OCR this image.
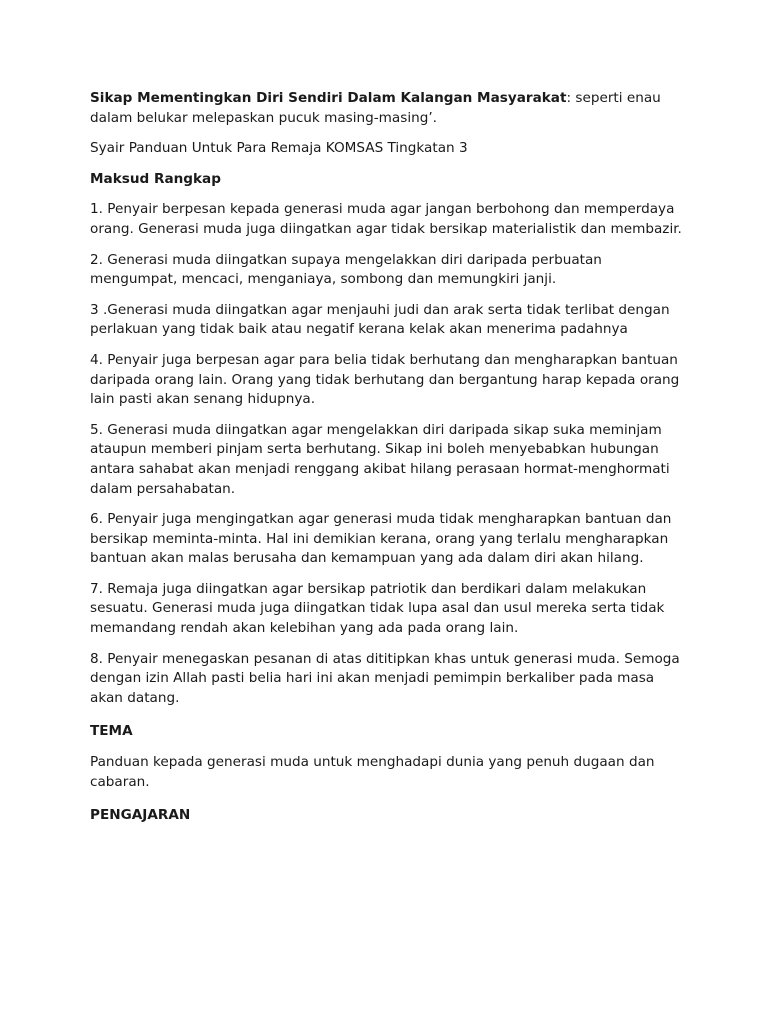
Sikap Mementingkan Diri Sendiri Dalam Kalangan Masyarakat: seperti enau dalam belukar melepaskan pucuk masing-masing’.

Syair Panduan Untuk Para Remaja KOMSAS Tingkatan 3

Maksud Rangkap

1. Penyair berpesan kepada generasi muda agar jangan berbohong dan memperdaya orang. Generasi muda juga diingatkan agar tidak bersikap materialistik dan membazir.

2. Generasi muda diingatkan supaya mengelakkan diri daripada perbuatan mengumpat, mencaci, menganiaya, sombong dan memungkiri janji.

3 .Generasi muda diingatkan agar menjauhi judi dan arak serta tidak terlibat dengan perlakuan yang tidak baik atau negatif kerana kelak akan menerima padahnya

4. Penyair juga berpesan agar para belia tidak berhutang dan mengharapkan bantuan daripada orang lain. Orang yang tidak berhutang dan bergantung harap kepada orang lain pasti akan senang hidupnya.

5. Generasi muda diingatkan agar mengelakkan diri daripada sikap suka meminjam ataupun memberi pinjam serta berhutang. Sikap ini boleh menyebabkan hubungan antara sahabat akan menjadi renggang akibat hilang perasaan hormat-menghormati dalam persahabatan.

6. Penyair juga mengingatkan agar generasi muda tidak mengharapkan bantuan dan bersikap meminta-minta. Hal ini demikian kerana, orang yang terlalu mengharapkan bantuan akan malas berusaha dan kemampuan yang ada dalam diri akan hilang.

7. Remaja juga diingatkan agar bersikap patriotik dan berdikari dalam melakukan sesuatu. Generasi muda juga diingatkan tidak lupa asal dan usul mereka serta tidak memandang rendah akan kelebihan yang ada pada orang lain.

8. Penyair menegaskan pesanan di atas dititipkan khas untuk generasi muda. Semoga dengan izin Allah pasti belia hari ini akan menjadi pemimpin berkaliber pada masa akan datang.

TEMA

Panduan kepada generasi muda untuk menghadapi dunia yang penuh dugaan dan cabaran.

PENGAJARAN
